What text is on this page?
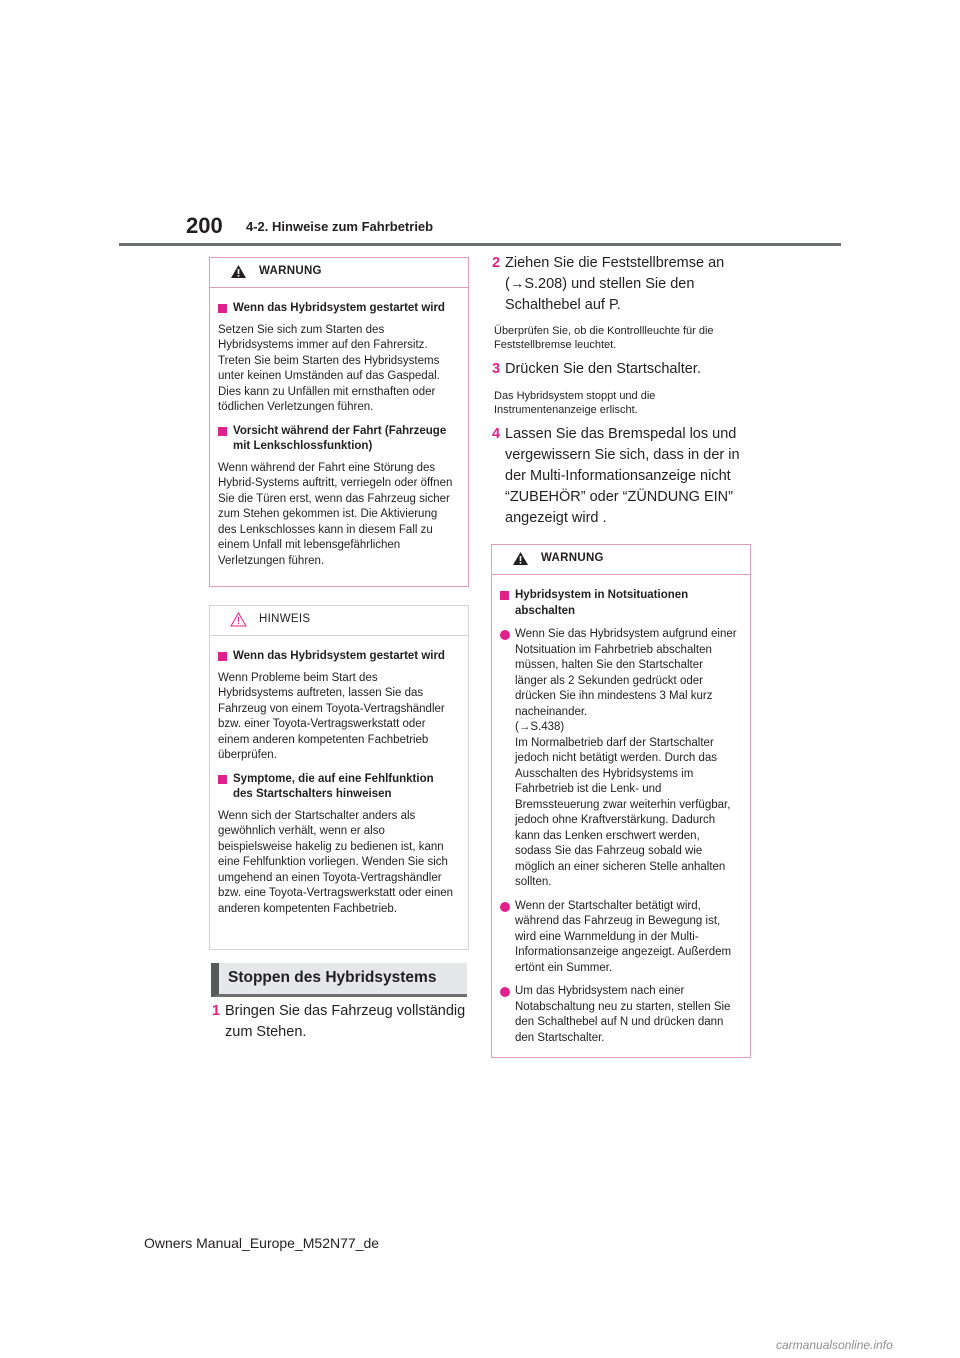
200 4-2. Hinweise zum Fahrbetrieb
WARNUNG
Wenn das Hybridsystem gestartet wird
Setzen Sie sich zum Starten des Hybridsystems immer auf den Fahrersitz. Treten Sie beim Starten des Hybridsystems unter keinen Umständen auf das Gaspedal. Dies kann zu Unfällen mit ernsthaften oder tödlichen Verletzungen führen.
Vorsicht während der Fahrt (Fahrzeuge mit Lenkschlossfunktion)
Wenn während der Fahrt eine Störung des Hybrid-Systems auftritt, verriegeln oder öffnen Sie die Türen erst, wenn das Fahrzeug sicher zum Stehen gekommen ist. Die Aktivierung des Lenkschlosses kann in diesem Fall zu einem Unfall mit lebensgefährlichen Verletzungen führen.
HINWEIS
Wenn das Hybridsystem gestartet wird
Wenn Probleme beim Start des Hybridsystems auftreten, lassen Sie das Fahrzeug von einem Toyota-Vertragshändler bzw. einer Toyota-Vertragswerkstatt oder einem anderen kompetenten Fachbetrieb überprüfen.
Symptome, die auf eine Fehlfunktion des Startschalters hinweisen
Wenn sich der Startschalter anders als gewöhnlich verhält, wenn er also beispielsweise hakelig zu bedienen ist, kann eine Fehlfunktion vorliegen. Wenden Sie sich umgehend an einen Toyota-Vertragshändler bzw. eine Toyota-Vertragswerkstatt oder einen anderen kompetenten Fachbetrieb.
Stoppen des Hybridsystems
1 Bringen Sie das Fahrzeug vollständig zum Stehen.
2 Ziehen Sie die Feststellbremse an (→S.208) und stellen Sie den Schalthebel auf P.
Überprüfen Sie, ob die Kontrollleuchte für die Feststellbremse leuchtet.
3 Drücken Sie den Startschalter.
Das Hybridsystem stoppt und die Instrumentenanzeige erlischt.
4 Lassen Sie das Bremspedal los und vergewissern Sie sich, dass in der in der Multi-Informationsanzeige nicht “ZUBEHÖR” oder “ZÜNDUNG EIN” angezeigt wird .
WARNUNG
Hybridsystem in Notsituationen abschalten
Wenn Sie das Hybridsystem aufgrund einer Notsituation im Fahrbetrieb abschalten müssen, halten Sie den Startschalter länger als 2 Sekunden gedrückt oder drücken Sie ihn mindestens 3 Mal kurz nacheinander.
(→S.438)
Im Normalbetrieb darf der Startschalter jedoch nicht betätigt werden. Durch das Ausschalten des Hybridsystems im Fahrbetrieb ist die Lenk- und Bremssteuerung zwar weiterhin verfügbar, jedoch ohne Kraftverstärkung. Dadurch kann das Lenken erschwert werden, sodass Sie das Fahrzeug sobald wie möglich an einer sicheren Stelle anhalten sollten.
Wenn der Startschalter betätigt wird, während das Fahrzeug in Bewegung ist, wird eine Warnmeldung in der Multi-Informationsanzeige angezeigt. Außerdem ertönt ein Summer.
Um das Hybridsystem nach einer Notabschaltung neu zu starten, stellen Sie den Schalthebel auf N und drücken dann den Startschalter.
Owners Manual_Europe_M52N77_de
carmanualsonline.info
